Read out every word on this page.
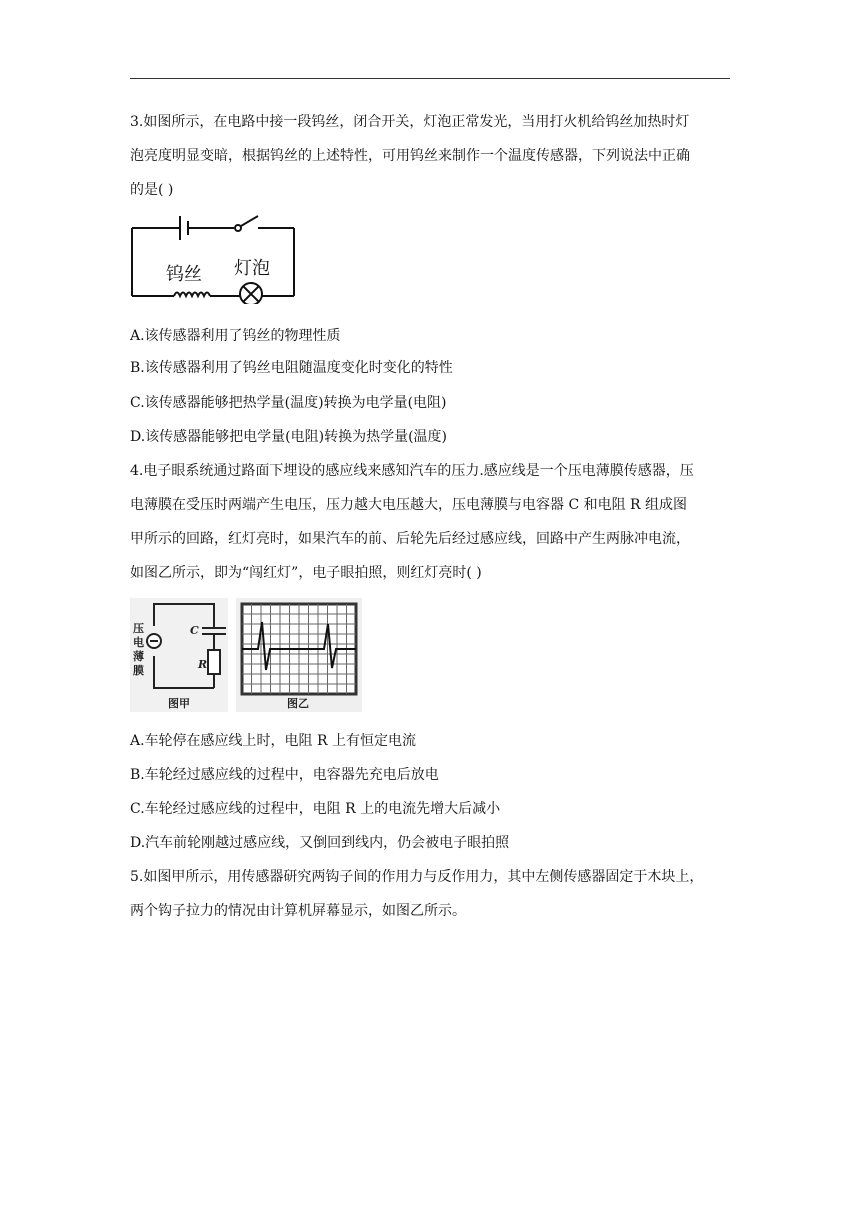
3.如图所示，在电路中接一段钨丝，闭合开关，灯泡正常发光，当用打火机给钨丝加热时灯
泡亮度明显变暗，根据钨丝的上述特性，可用钨丝来制作一个温度传感器，下列说法中正确
的是( )
钨丝 灯泡
A.该传感器利用了钨丝的物理性质
B.该传感器利用了钨丝电阻随温度变化时变化的特性
C.该传感器能够把热学量(温度)转换为电学量(电阻)
D.该传感器能够把电学量(电阻)转换为热学量(温度)
4.电子眼系统通过路面下埋设的感应线来感知汽车的压力.感应线是一个压电薄膜传感器，压
电薄膜在受压时两端产生电压，压力越大电压越大，压电薄膜与电容器 C 和电阻 R 组成图
甲所示的回路，红灯亮时，如果汽车的前、后轮先后经过感应线，回路中产生两脉冲电流，
如图乙所示，即为“闯红灯”，电子眼拍照，则红灯亮时( )
压
电
薄
膜
C
R
图甲	图乙
A.车轮停在感应线上时，电阻 R 上有恒定电流
B.车轮经过感应线的过程中，电容器先充电后放电
C.车轮经过感应线的过程中，电阻 R 上的电流先增大后减小
D.汽车前轮刚越过感应线，又倒回到线内，仍会被电子眼拍照
5.如图甲所示，用传感器研究两钩子间的作用力与反作用力，其中左侧传感器固定于木块上，
两个钩子拉力的情况由计算机屏幕显示，如图乙所示。
